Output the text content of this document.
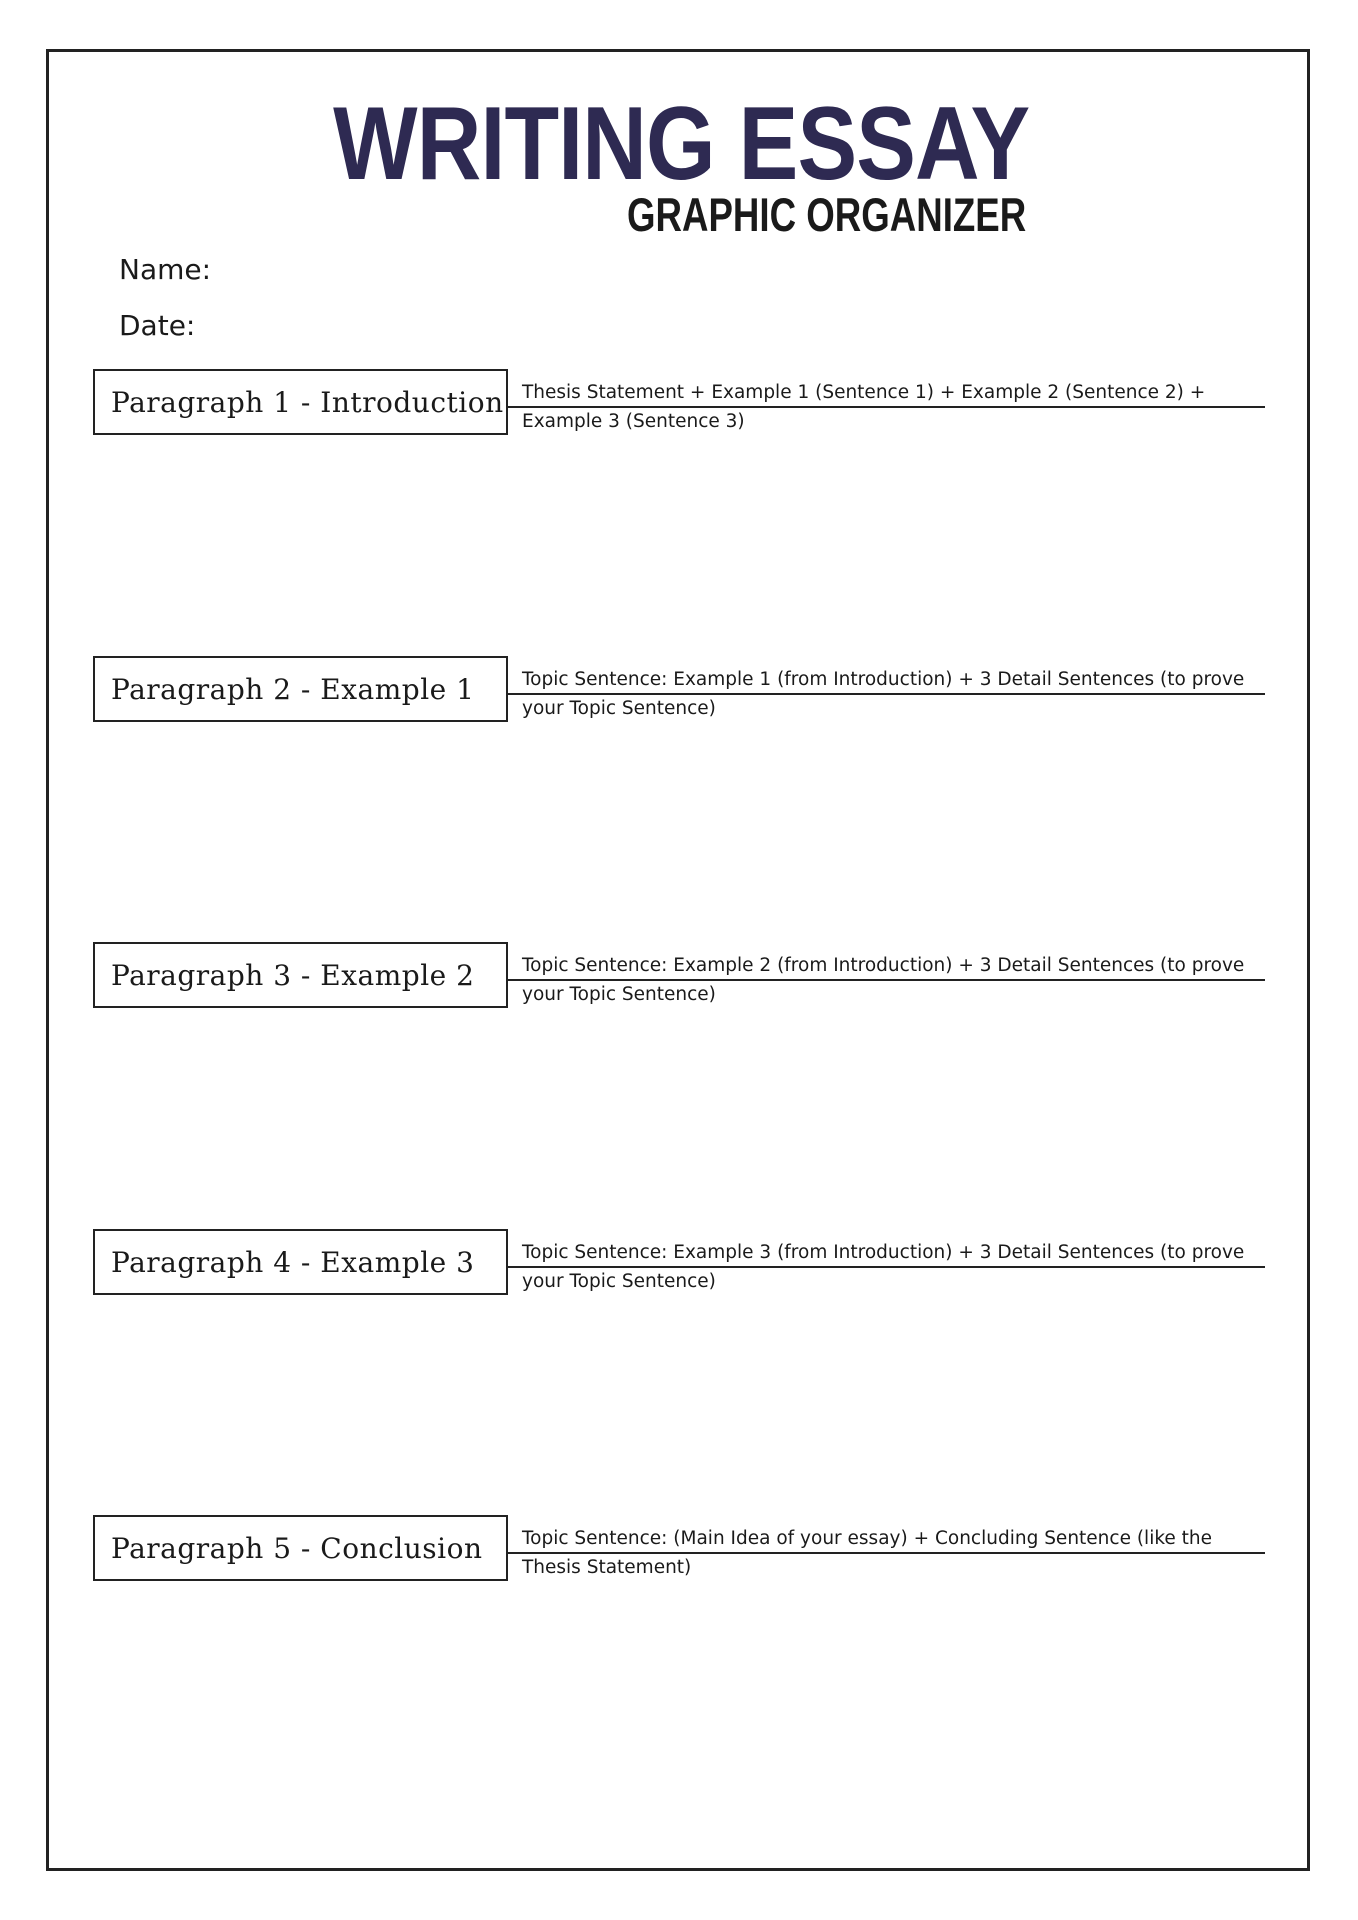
WRITING ESSAY
GRAPHIC ORGANIZER
Name:
Date:
Paragraph 1 - Introduction Thesis Statement + Example 1 (Sentence 1) + Example 2 (Sentence 2) + Example 3 (Sentence 3)
Paragraph 2 - Example 1	Topic Sentence: Example 1 (from Introduction) + 3 Detail Sentences (to prove your Topic Sentence)
Paragraph 3 - Example 2	Topic Sentence: Example 2 (from Introduction) + 3 Detail Sentences (to prove your Topic Sentence)
Paragraph 4 - Example 3	Topic Sentence: Example 3 (from Introduction) + 3 Detail Sentences (to prove your Topic Sentence)
Paragraph 5 - Conclusion Topic Sentence: (Main Idea of your essay) + Concluding Sentence (like the Thesis Statement)
